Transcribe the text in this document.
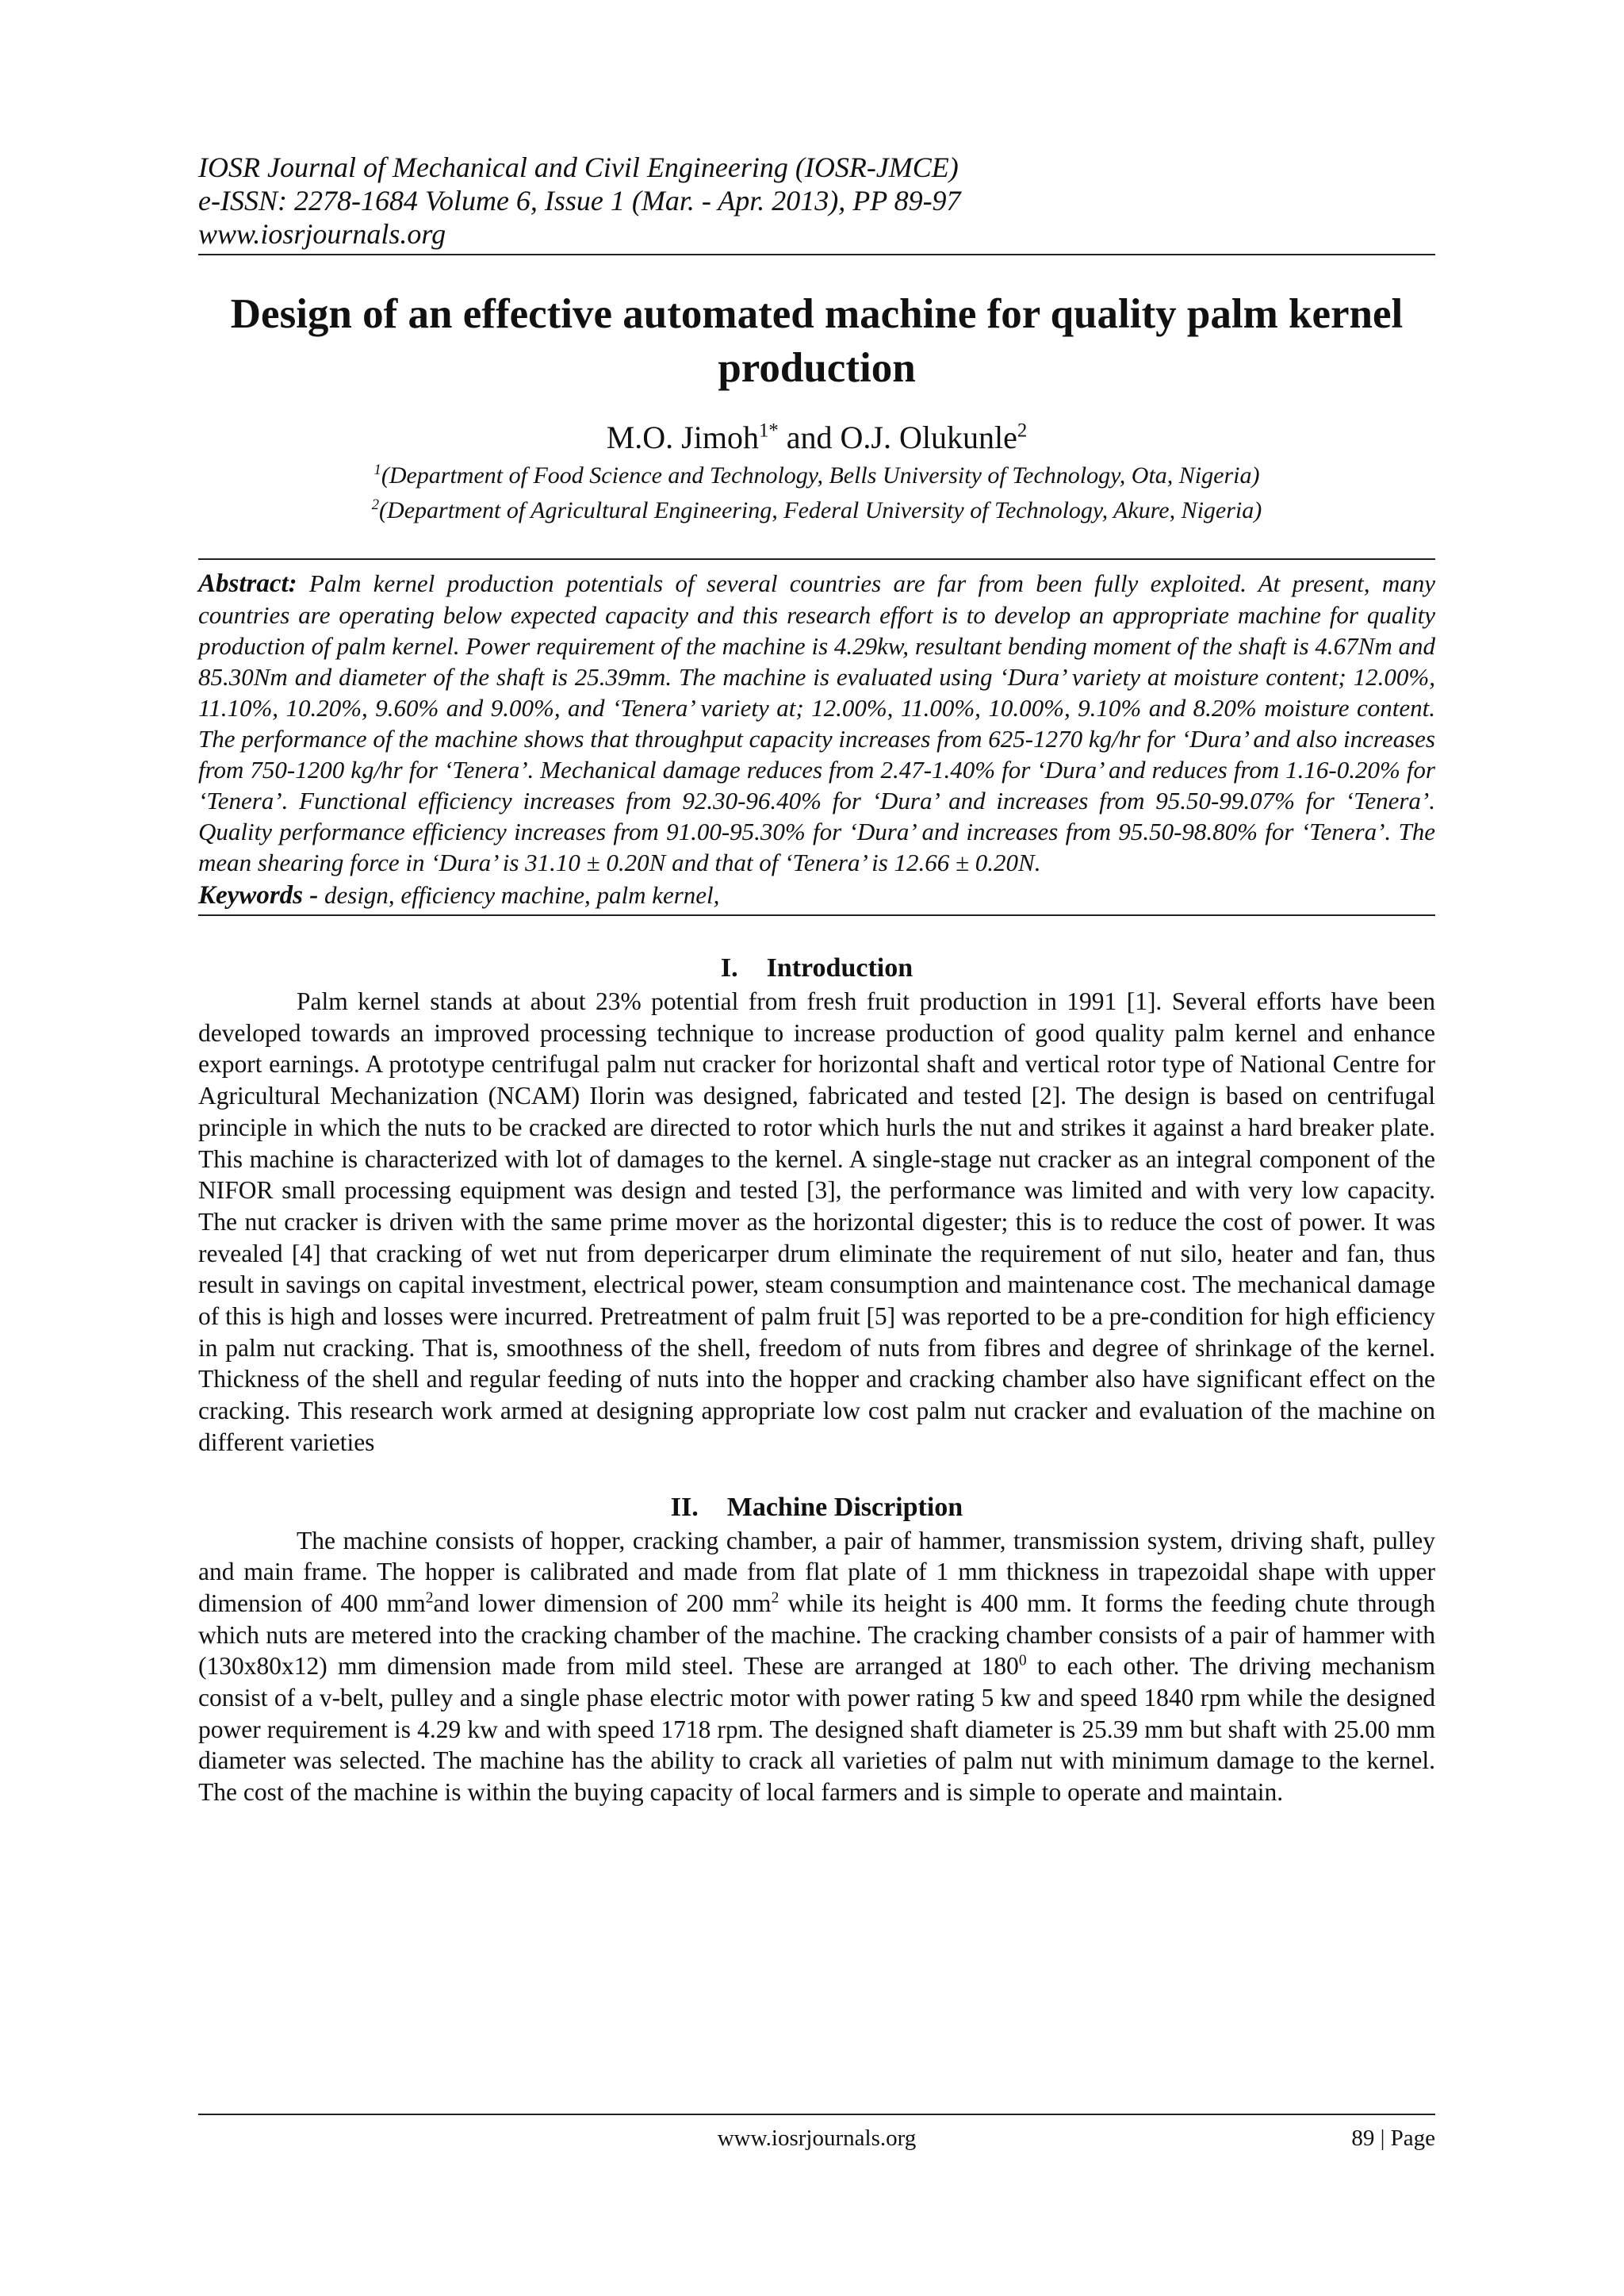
IOSR Journal of Mechanical and Civil Engineering (IOSR-JMCE)
e-ISSN: 2278-1684 Volume 6, Issue 1 (Mar. - Apr. 2013), PP 89-97
www.iosrjournals.org
Design of an effective automated machine for quality palm kernel production
M.O. Jimoh$^{1*}$ and O.J. Olukunle$^2$
$^1$(Department of Food Science and Technology, Bells University of Technology, Ota, Nigeria)
$^2$(Department of Agricultural Engineering, Federal University of Technology, Akure, Nigeria)
Abstract: Palm kernel production potentials of several countries are far from been fully exploited. At present, many countries are operating below expected capacity and this research effort is to develop an appropriate machine for quality production of palm kernel. Power requirement of the machine is 4.29kw, resultant bending moment of the shaft is 4.67Nm and 85.30Nm and diameter of the shaft is 25.39mm. The machine is evaluated using ‘Dura’ variety at moisture content; 12.00%, 11.10%, 10.20%, 9.60% and 9.00%, and ‘Tenera’ variety at; 12.00%, 11.00%, 10.00%, 9.10% and 8.20% moisture content. The performance of the machine shows that throughput capacity increases from 625-1270 kg/hr for ‘Dura’ and also increases from 750-1200 kg/hr for ‘Tenera’. Mechanical damage reduces from 2.47-1.40% for ‘Dura’ and reduces from 1.16-0.20% for ‘Tenera’. Functional efficiency increases from 92.30-96.40% for ‘Dura’ and increases from 95.50-99.07% for ‘Tenera’. Quality performance efficiency increases from 91.00-95.30% for ‘Dura’ and increases from 95.50-98.80% for ‘Tenera’. The mean shearing force in ‘Dura’ is 31.10 ± 0.20N and that of ‘Tenera’ is 12.66 ± 0.20N.
Keywords - design, efficiency machine, palm kernel,
I. Introduction

Palm kernel stands at about 23% potential from fresh fruit production in 1991 [1]. Several efforts have been developed towards an improved processing technique to increase production of good quality palm kernel and enhance export earnings. A prototype centrifugal palm nut cracker for horizontal shaft and vertical rotor type of National Centre for Agricultural Mechanization (NCAM) Ilorin was designed, fabricated and tested [2]. The design is based on centrifugal principle in which the nuts to be cracked are directed to rotor which hurls the nut and strikes it against a hard breaker plate. This machine is characterized with lot of damages to the kernel. A single-stage nut cracker as an integral component of the NIFOR small processing equipment was design and tested [3], the performance was limited and with very low capacity. The nut cracker is driven with the same prime mover as the horizontal digester; this is to reduce the cost of power. It was revealed [4] that cracking of wet nut from depericarper drum eliminate the requirement of nut silo, heater and fan, thus result in savings on capital investment, electrical power, steam consumption and maintenance cost. The mechanical damage of this is high and losses were incurred. Pretreatment of palm fruit [5] was reported to be a pre-condition for high efficiency in palm nut cracking. That is, smoothness of the shell, freedom of nuts from fibres and degree of shrinkage of the kernel. Thickness of the shell and regular feeding of nuts into the hopper and cracking chamber also have significant effect on the cracking. This research work armed at designing appropriate low cost palm nut cracker and evaluation of the machine on different varieties

II. Machine Discription

The machine consists of hopper, cracking chamber, a pair of hammer, transmission system, driving shaft, pulley and main frame. The hopper is calibrated and made from flat plate of 1 mm thickness in trapezoidal shape with upper dimension of 400 $mm^2and$ lower dimension of 200 $mm^2$ while its height is 400 mm. It forms the feeding chute through which nuts are metered into the cracking chamber of the machine. The cracking chamber consists of a pair of hammer with (130x80x12) mm dimension made from mild steel. These are arranged at $180^0$ to each other. The driving mechanism consist of a v-belt, pulley and a single phase electric motor with power rating 5 kw and speed 1840 rpm while the designed power requirement is 4.29 kw and with speed 1718 rpm. The designed shaft diameter is 25.39 mm but shaft with 25.00 mm diameter was selected. The machine has the ability to crack all varieties of palm nut with minimum damage to the kernel. The cost of the machine is within the buying capacity of local farmers and is simple to operate and maintain.

www.iosrjournals.org	89 | Page
